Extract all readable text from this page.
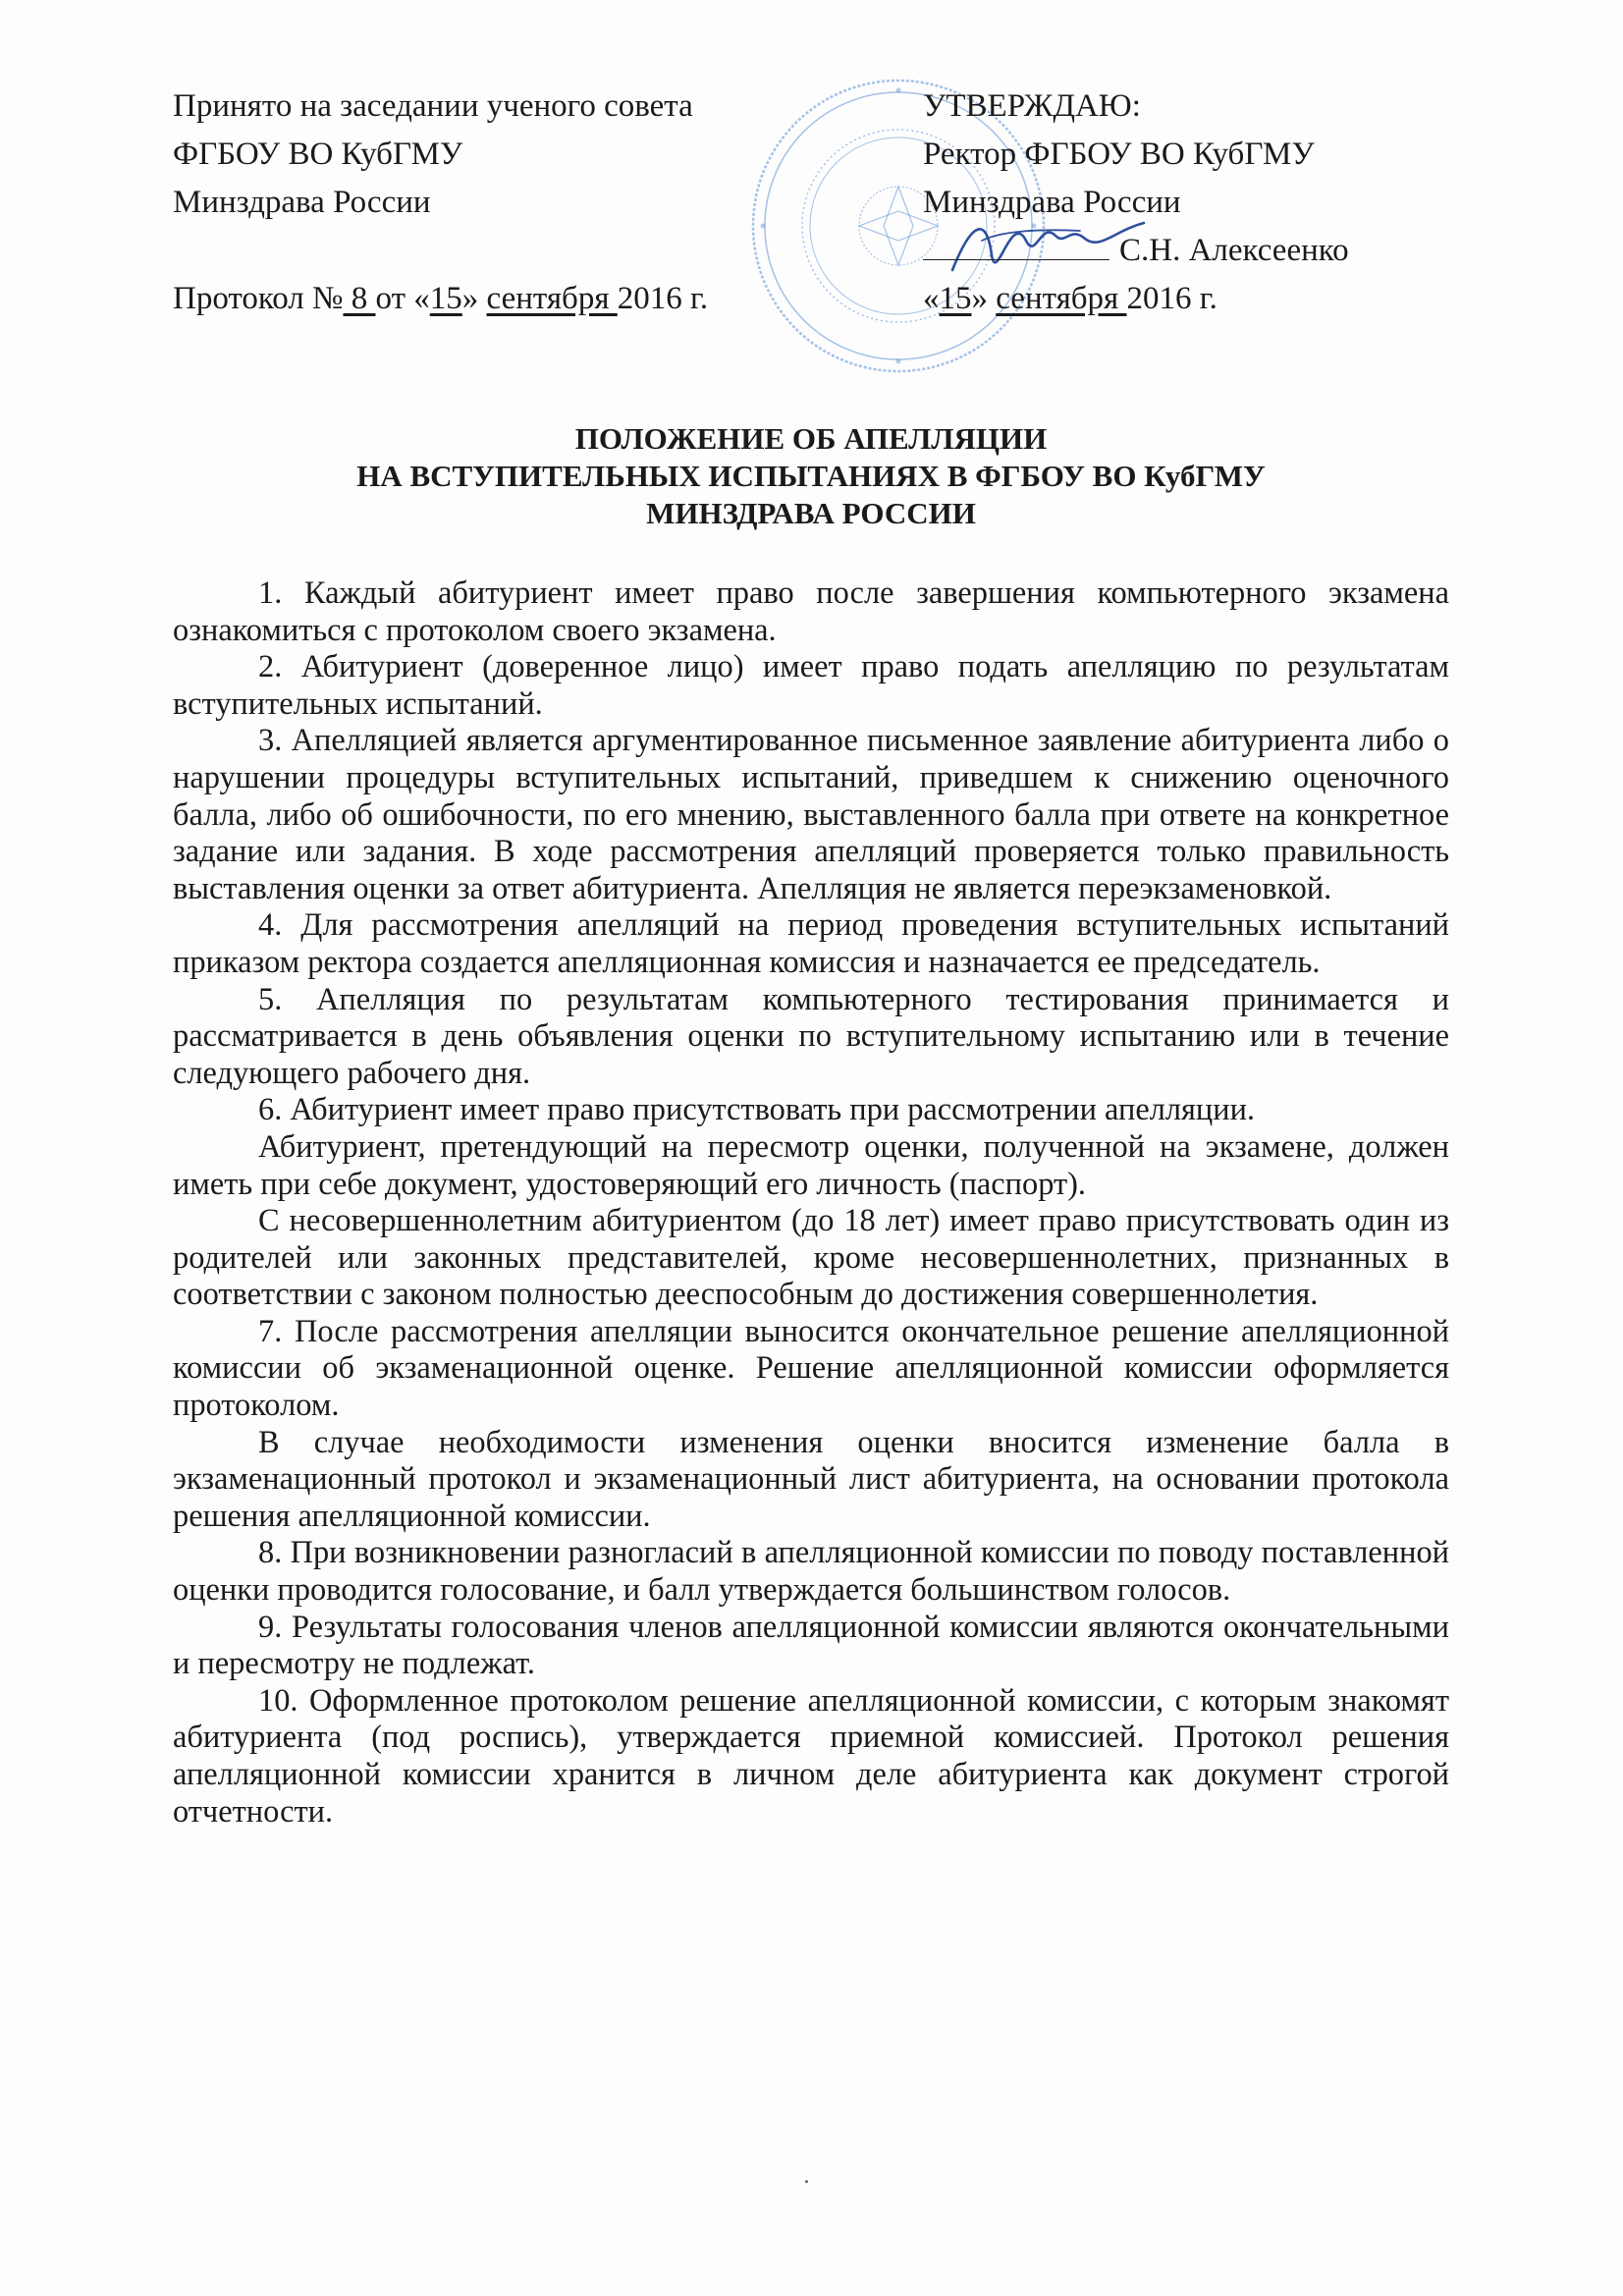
Принято на заседании ученого совета
ФГБОУ ВО КубГМУ
Минздрава России
Протокол № 8 от «15» сентября 2016 г.
УТВЕРЖДАЮ:
Ректор ФГБОУ ВО КубГМУ
Минздрава России
С.Н. Алексеенко
«15» сентября 2016 г.
ПОЛОЖЕНИЕ ОБ АПЕЛЛЯЦИИ
НА ВСТУПИТЕЛЬНЫХ ИСПЫТАНИЯХ В ФГБОУ ВО КубГМУ
МИНЗДРАВА РОССИИ

1. Каждый абитуриент имеет право после завершения компьютерного экзамена ознакомиться с протоколом своего экзамена.

2. Абитуриент (доверенное лицо) имеет право подать апелляцию по результатам вступительных испытаний.

3. Апелляцией является аргументированное письменное заявление абитуриента либо о нарушении процедуры вступительных испытаний, приведшем к снижению оценочного балла, либо об ошибочности, по его мнению, выставленного балла при ответе на конкретное задание или задания. В ходе рассмотрения апелляций проверяется только правильность выставления оценки за ответ абитуриента. Апелляция не является переэкзаменовкой.

4. Для рассмотрения апелляций на период проведения вступительных испытаний приказом ректора создается апелляционная комиссия и назначается ее председатель.

5. Апелляция по результатам компьютерного тестирования принимается и рассматривается в день объявления оценки по вступительному испытанию или в течение следующего рабочего дня.

6. Абитуриент имеет право присутствовать при рассмотрении апелляции.

Абитуриент, претендующий на пересмотр оценки, полученной на экзамене, должен иметь при себе документ, удостоверяющий его личность (паспорт).

С несовершеннолетним абитуриентом (до 18 лет) имеет право присутствовать один из родителей или законных представителей, кроме несовершеннолетних, признанных в соответствии с законом полностью дееспособным до достижения совершеннолетия.

7. После рассмотрения апелляции выносится окончательное решение апелляционной комиссии об экзаменационной оценке. Решение апелляционной комиссии оформляется протоколом.

В случае необходимости изменения оценки вносится изменение балла в экзаменационный протокол и экзаменационный лист абитуриента, на основании протокола решения апелляционной комиссии.

8. При возникновении разногласий в апелляционной комиссии по поводу поставленной оценки проводится голосование, и балл утверждается большинством голосов.

9. Результаты голосования членов апелляционной комиссии являются окончательными и пересмотру не подлежат.

10. Оформленное протоколом решение апелляционной комиссии, с которым знакомят абитуриента (под роспись), утверждается приемной комиссией. Протокол решения апелляционной комиссии хранится в личном деле абитуриента как документ строгой отчетности.
